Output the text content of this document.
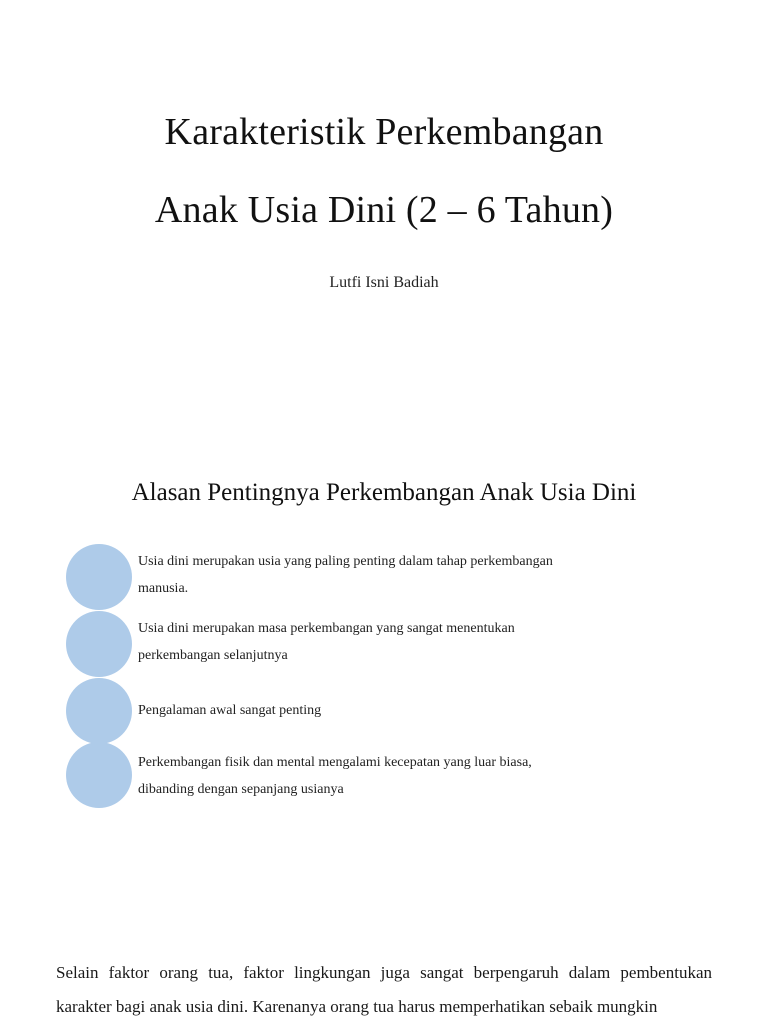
Karakteristik Perkembangan
Anak Usia Dini (2 – 6 Tahun)
Lutfi Isni Badiah
Alasan Pentingnya Perkembangan Anak Usia Dini
Usia dini merupakan usia yang paling penting dalam tahap perkembangan manusia.
Usia dini merupakan masa perkembangan yang sangat menentukan perkembangan selanjutnya
Pengalaman awal sangat penting
Perkembangan fisik dan mental mengalami kecepatan yang luar biasa, dibanding dengan sepanjang usianya
Selain faktor orang tua, faktor lingkungan juga sangat berpengaruh dalam pembentukan karakter bagi anak usia dini. Karenanya orang tua harus memperhatikan sebaik mungkin
